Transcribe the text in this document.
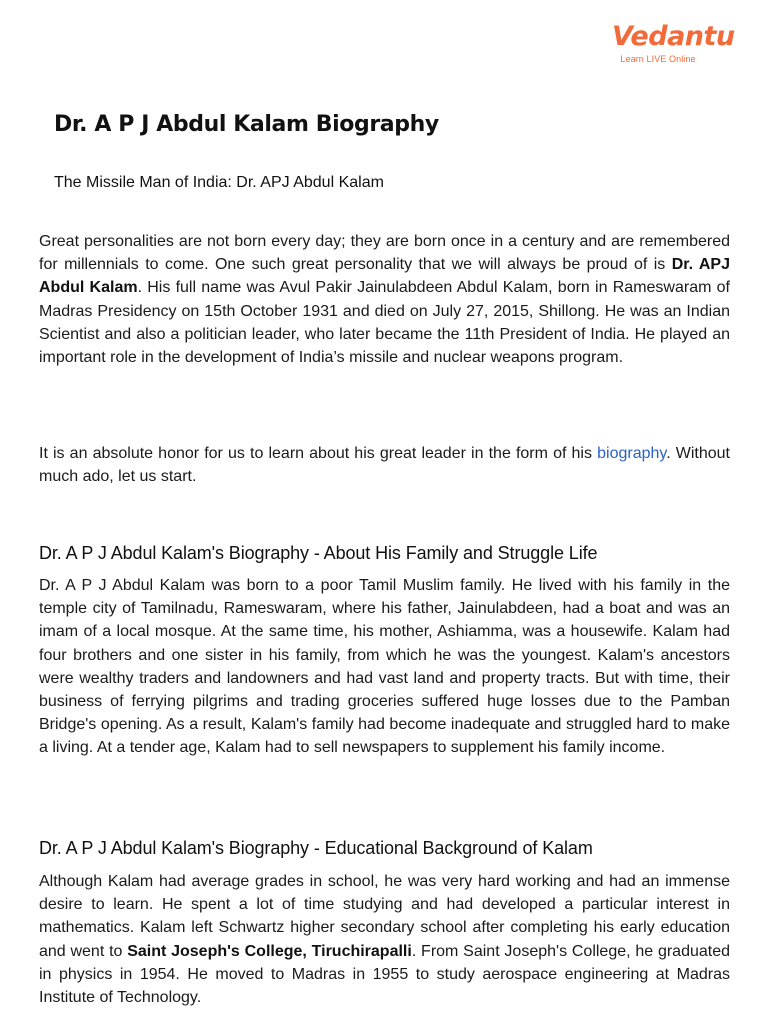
Vedantu
Learn LIVE Online
Dr. A P J Abdul Kalam Biography
The Missile Man of India: Dr. APJ Abdul Kalam

Great personalities are not born every day; they are born once in a century and are remembered for millennials to come. One such great personality that we will always be proud of is Dr. APJ Abdul Kalam. His full name was Avul Pakir Jainulabdeen Abdul Kalam, born in Rameswaram of Madras Presidency on 15th October 1931 and died on July 27, 2015, Shillong. He was an Indian Scientist and also a politician leader, who later became the 11th President of India. He played an important role in the development of India’s missile and nuclear weapons program.

It is an absolute honor for us to learn about his great leader in the form of his biography. Without much ado, let us start.

Dr. A P J Abdul Kalam's Biography - About His Family and Struggle Life

Dr. A P J Abdul Kalam was born to a poor Tamil Muslim family. He lived with his family in the temple city of Tamilnadu, Rameswaram, where his father, Jainulabdeen, had a boat and was an imam of a local mosque. At the same time, his mother, Ashiamma, was a housewife. Kalam had four brothers and one sister in his family, from which he was the youngest. Kalam's ancestors were wealthy traders and landowners and had vast land and property tracts. But with time, their business of ferrying pilgrims and trading groceries suffered huge losses due to the Pamban Bridge's opening. As a result, Kalam's family had become inadequate and struggled hard to make a living. At a tender age, Kalam had to sell newspapers to supplement his family income.

Dr. A P J Abdul Kalam's Biography - Educational Background of Kalam

Although Kalam had average grades in school, he was very hard working and had an immense desire to learn. He spent a lot of time studying and had developed a particular interest in mathematics. Kalam left Schwartz higher secondary school after completing his early education and went to Saint Joseph's College, Tiruchirapalli. From Saint Joseph's College, he graduated in physics in 1954. He moved to Madras in 1955 to study aerospace engineering at Madras Institute of Technology.
